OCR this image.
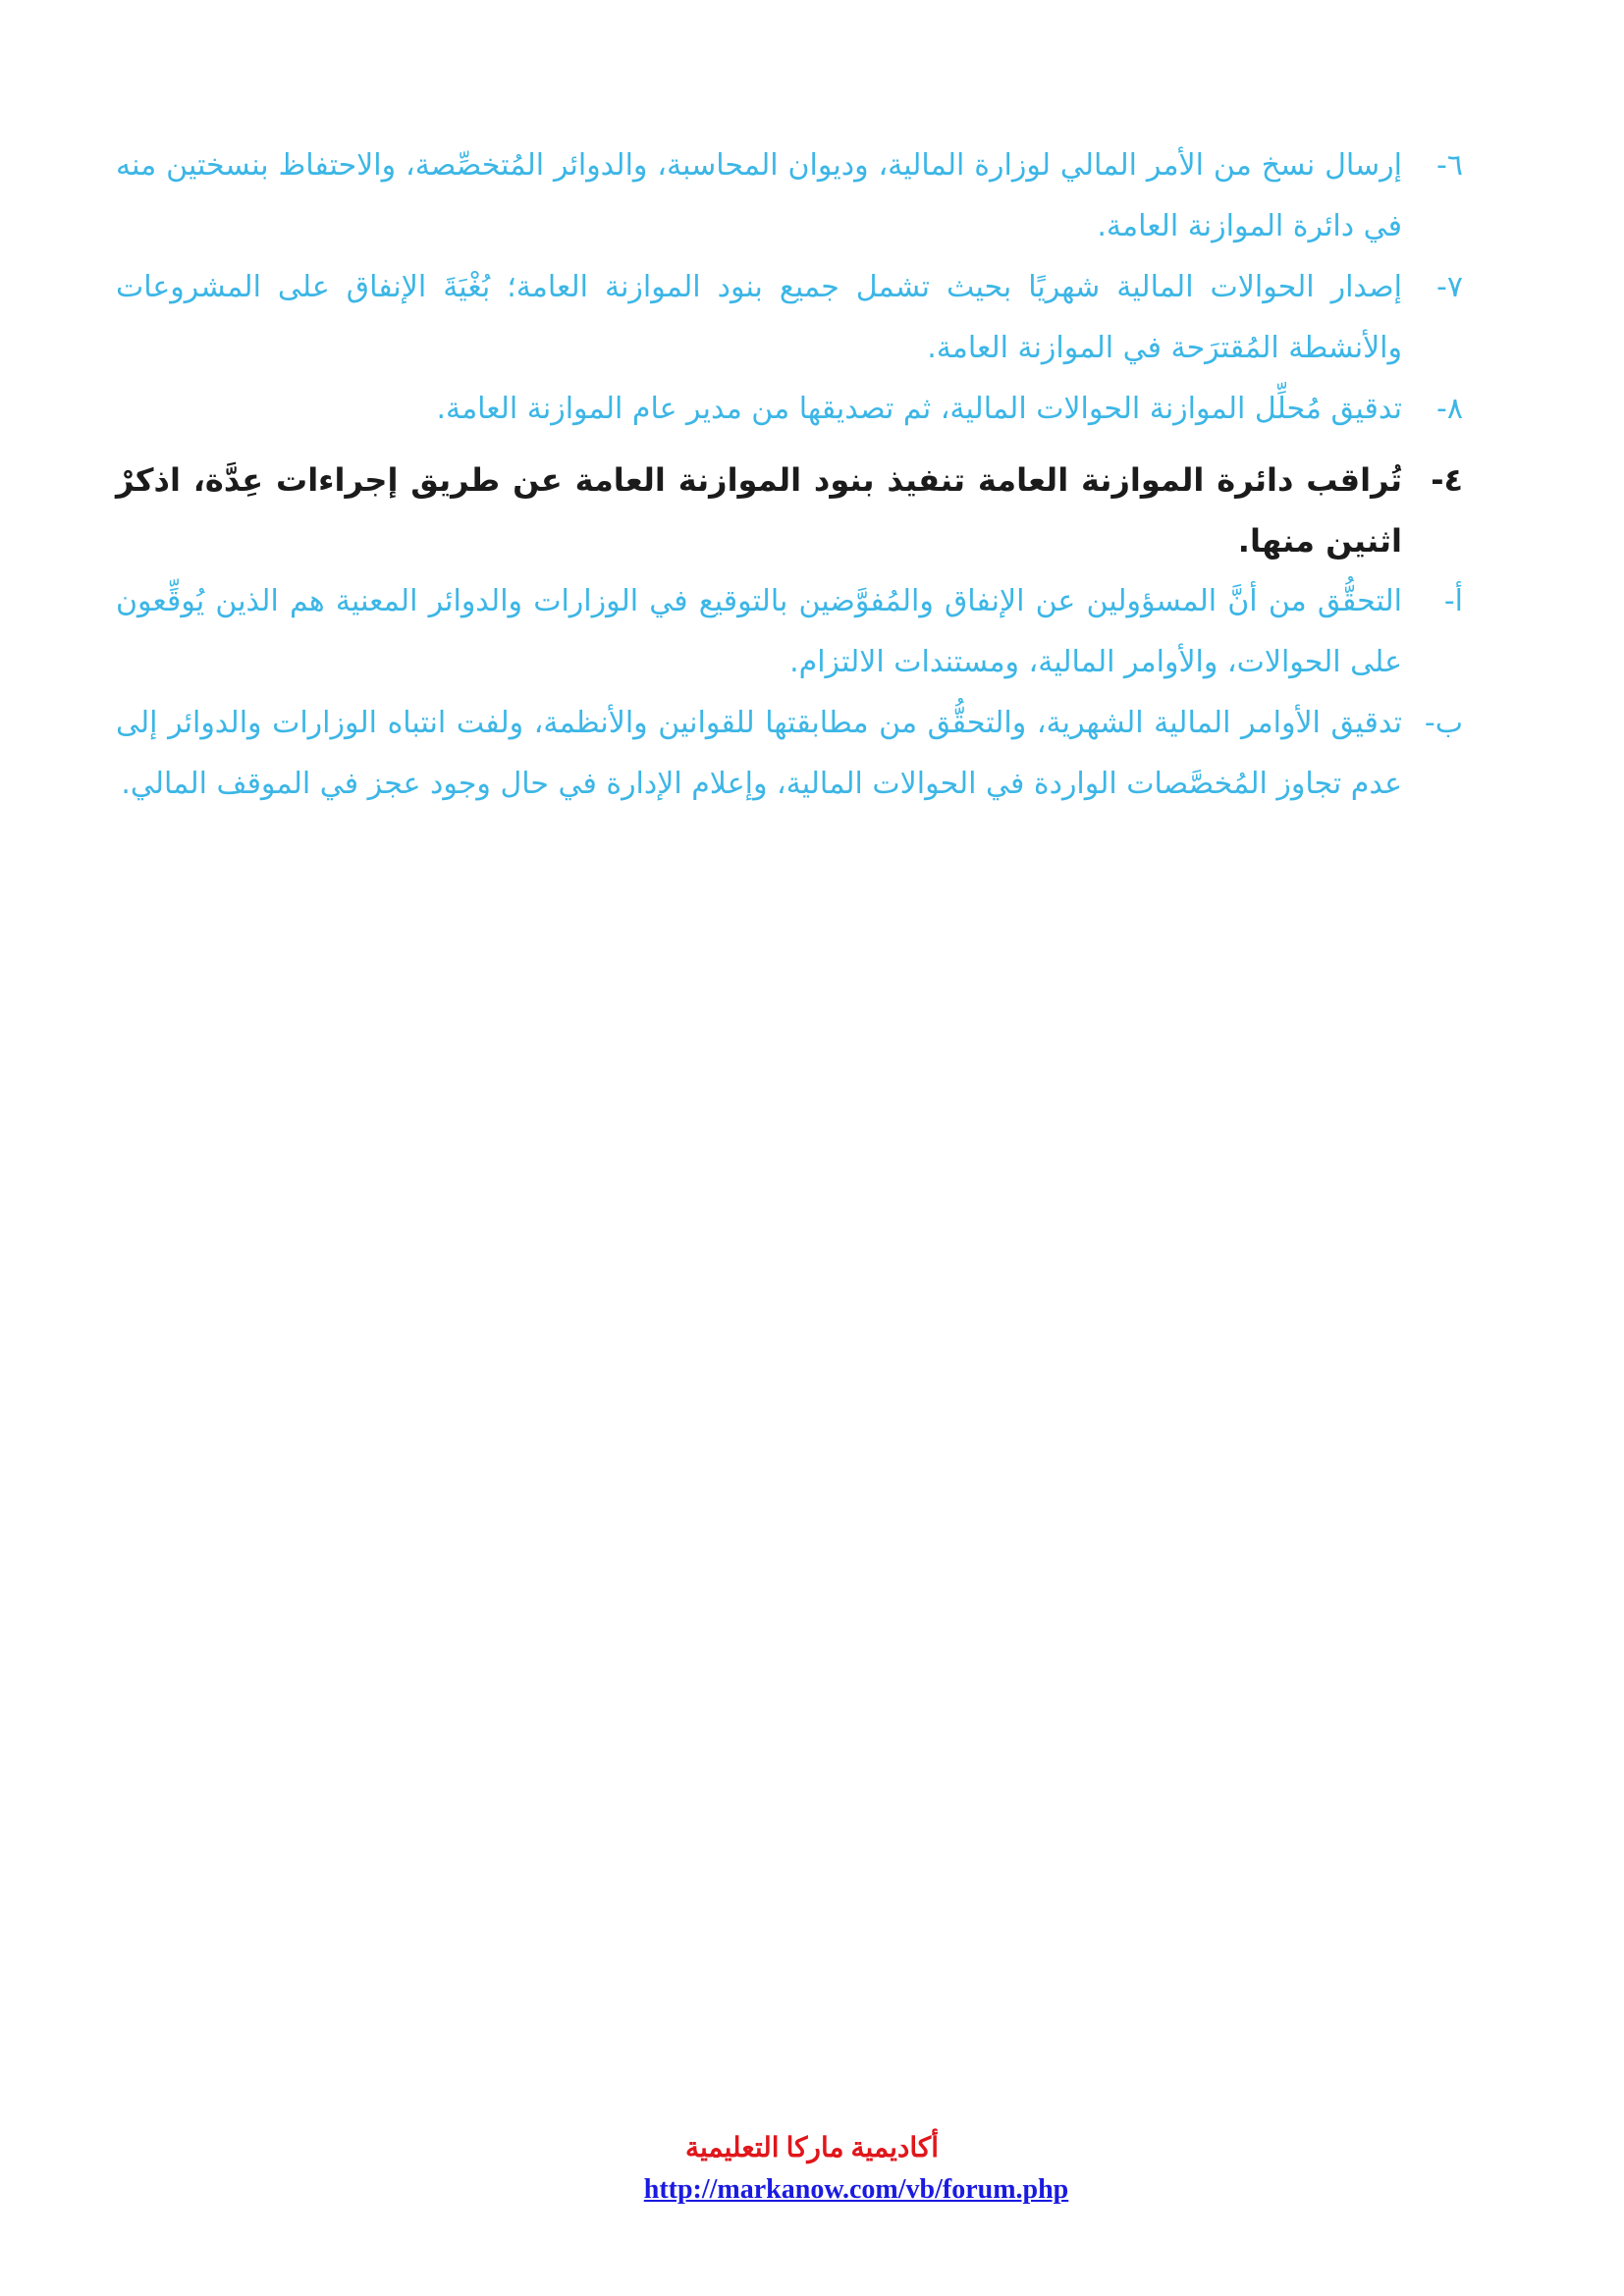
٦-إرسال نسخ من الأمر المالي لوزارة المالية، وديوان المحاسبة، والدوائر المُتخصِّصة، والاحتفاظ بنسختين منه في دائرة الموازنة العامة.

٧-إصدار الحوالات المالية شهريًا بحيث تشمل جميع بنود الموازنة العامة؛ بُغْيَةَ الإنفاق على المشروعات والأنشطة المُقترَحة في الموازنة العامة.

٨-تدقيق مُحلِّل الموازنة الحوالات المالية، ثم تصديقها من مدير عام الموازنة العامة.

٤-تُراقب دائرة الموازنة العامة تنفيذ بنود الموازنة العامة عن طريق إجراءات عِدَّة، اذكرْ اثنين منها.

أ-التحقُّق من أنَّ المسؤولين عن الإنفاق والمُفوَّضين بالتوقيع في الوزارات والدوائر المعنية هم الذين يُوقِّعون على الحوالات، والأوامر المالية، ومستندات الالتزام.

ب-تدقيق الأوامر المالية الشهرية، والتحقُّق من مطابقتها للقوانين والأنظمة، ولفت انتباه الوزارات والدوائر إلى عدم تجاوز المُخصَّصات الواردة في الحوالات المالية، وإعلام الإدارة في حال وجود عجز في الموقف المالي.

أكاديمية ماركا التعليمية
http://markanow.com/vb/forum.php
